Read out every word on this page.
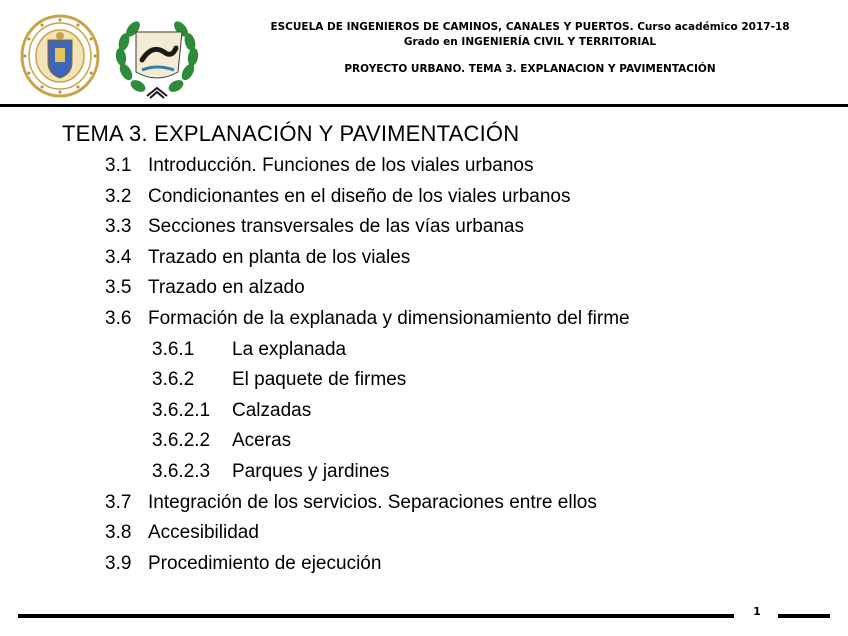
ESCUELA DE INGENIEROS DE CAMINOS, CANALES Y PUERTOS. Curso académico 2017-18
Grado en INGENIERÍA CIVIL Y TERRITORIAL
PROYECTO URBANO. TEMA 3. EXPLANACION Y PAVIMENTACIÓN
TEMA 3. EXPLANACIÓN Y PAVIMENTACIÓN
3.1 Introducción. Funciones de los viales urbanos
3.2 Condicionantes en el diseño de los viales urbanos
3.3 Secciones transversales de las vías urbanas
3.4 Trazado en planta de los viales
3.5 Trazado en alzado
3.6 Formación de la explanada y dimensionamiento del firme
3.6.1	La explanada
3.6.2	El paquete de firmes
3.6.2.1	Calzadas
3.6.2.2	Aceras
3.6.2.3	Parques y jardines
3.7 Integración de los servicios. Separaciones entre ellos
3.8 Accesibilidad
3.9 Procedimiento de ejecución
1
